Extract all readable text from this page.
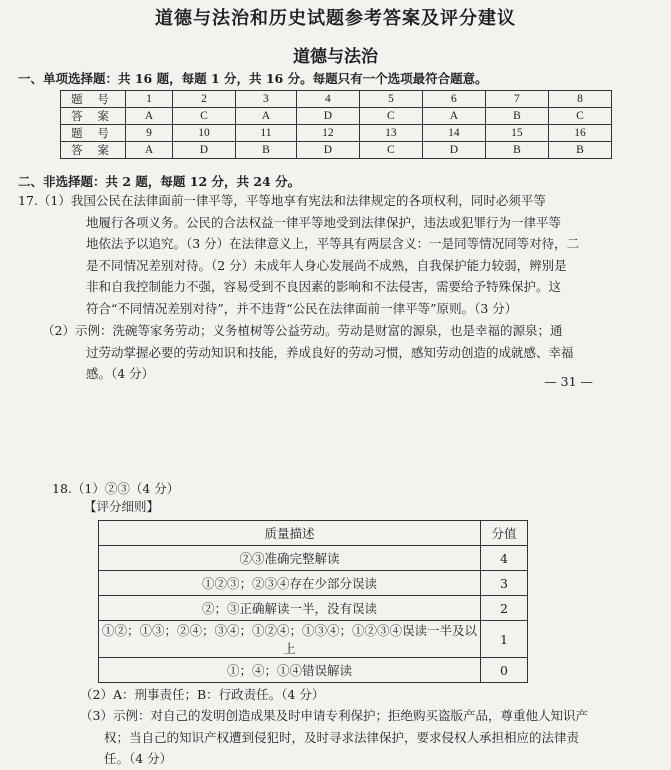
道德与法治和历史试题参考答案及评分建议
道德与法治
一、单项选择题：共 16 题，每题 1 分，共 16 分。每题只有一个选项最符合题意。
题 号	1	2	3	4	5	6	7	8
答 案	A	C	A	D	C	A	B	C
题 号	9	10	11	12	13	14	15	16
答 案	A	D	B	D	C	D	B	B
二、非选择题：共 2 题，每题 12 分，共 24 分。
17.（1）我国公民在法律面前一律平等，平等地享有宪法和法律规定的各项权利，同时必须平等
地履行各项义务。公民的合法权益一律平等地受到法律保护，违法或犯罪行为一律平等
地依法予以追究。（3 分）在法律意义上，平等具有两层含义：一是同等情况同等对待，二
是不同情况差别对待。（2 分）未成年人身心发展尚不成熟，自我保护能力较弱，辨别是
非和自我控制能力不强，容易受到不良因素的影响和不法侵害，需要给予特殊保护。这
符合“不同情况差别对待”，并不违背“公民在法律面前一律平等”原则。（3 分）
（2）示例：洗碗等家务劳动；义务植树等公益劳动。劳动是财富的源泉，也是幸福的源泉；通
过劳动掌握必要的劳动知识和技能，养成良好的劳动习惯，感知劳动创造的成就感、幸福
感。（4 分）
— 31 —
18.（1）②③（4 分）
【评分细则】
质量描述	分值
②③准确完整解读	4
①②③；②③④存在少部分误读	3
②；③正确解读一半，没有误读	2
①②；①③；②④；③④；①②④；①③④；①②③④误读一半及以上	1
①；④；①④错误解读	0
（2）A：刑事责任；B：行政责任。（4 分）
（3）示例：对自己的发明创造成果及时申请专利保护；拒绝购买盗版产品，尊重他人知识产
权；当自己的知识产权遭到侵犯时，及时寻求法律保护，要求侵权人承担相应的法律责
任。（4 分）
